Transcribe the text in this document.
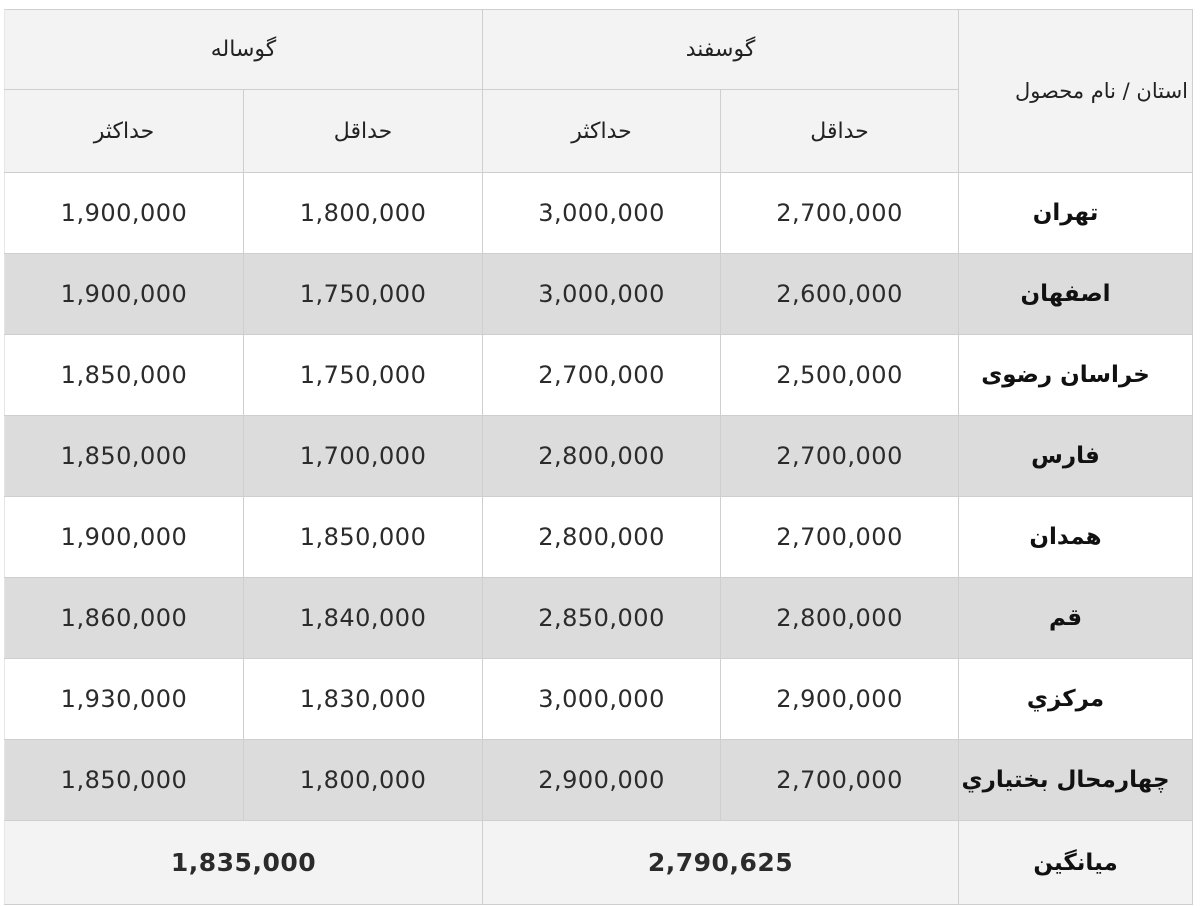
استان / نام محصول	گوسفند		گوساله	
	حداقل	حداکثر	حداقل	حداکثر
تهران	2,700,000	3,000,000	1,800,000	1,900,000
اصفهان	2,600,000	3,000,000	1,750,000	1,900,000
خراسان رضوی	2,500,000	2,700,000	1,750,000	1,850,000
فارس	2,700,000	2,800,000	1,700,000	1,850,000
همدان	2,700,000	2,800,000	1,850,000	1,900,000
قم	2,800,000	2,850,000	1,840,000	1,860,000
مرکزي	2,900,000	3,000,000	1,830,000	1,930,000
چهارمحال بختياري	2,700,000	2,900,000	1,800,000	1,850,000
میانگین	2,790,625		1,835,000	
